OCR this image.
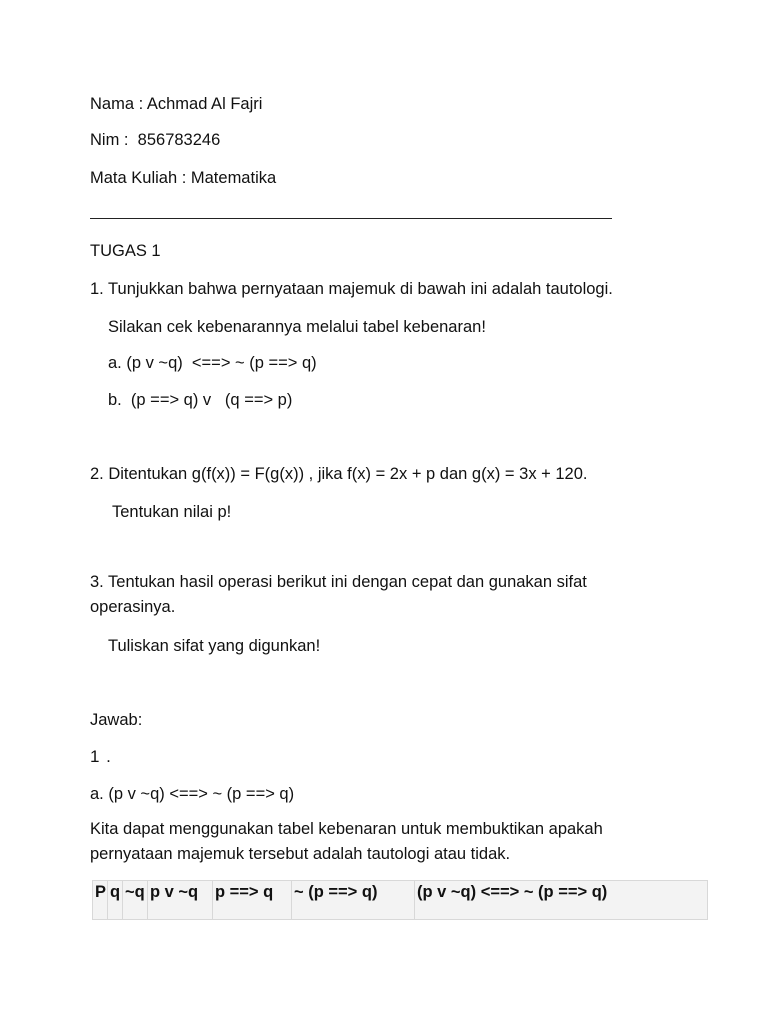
Nama : Achmad Al Fajri
Nim :  856783246
Mata Kuliah : Matematika
TUGAS 1
1. Tunjukkan bahwa pernyataan majemuk di bawah ini adalah tautologi.
Silakan cek kebenarannya melalui tabel kebenaran!
a. (p v ~q)  <==> ~ (p ==> q)
b.  (p ==> q) v   (q ==> p)
2. Ditentukan g(f(x)) = F(g(x)) , jika f(x) = 2x + p dan g(x) = 3x + 120.
Tentukan nilai p!
3. Tentukan hasil operasi berikut ini dengan cepat dan gunakan sifat operasinya.
Tuliskan sifat yang digunkan!
Jawab:
1 .
a. (p v ~q) <==> ~ (p ==> q)
Kita dapat menggunakan tabel kebenaran untuk membuktikan apakah pernyataan majemuk tersebut adalah tautologi atau tidak.
P	q	~q	p v ~q	p ==> q	~ (p ==> q)	(p v ~q) <==> ~ (p ==> q)
